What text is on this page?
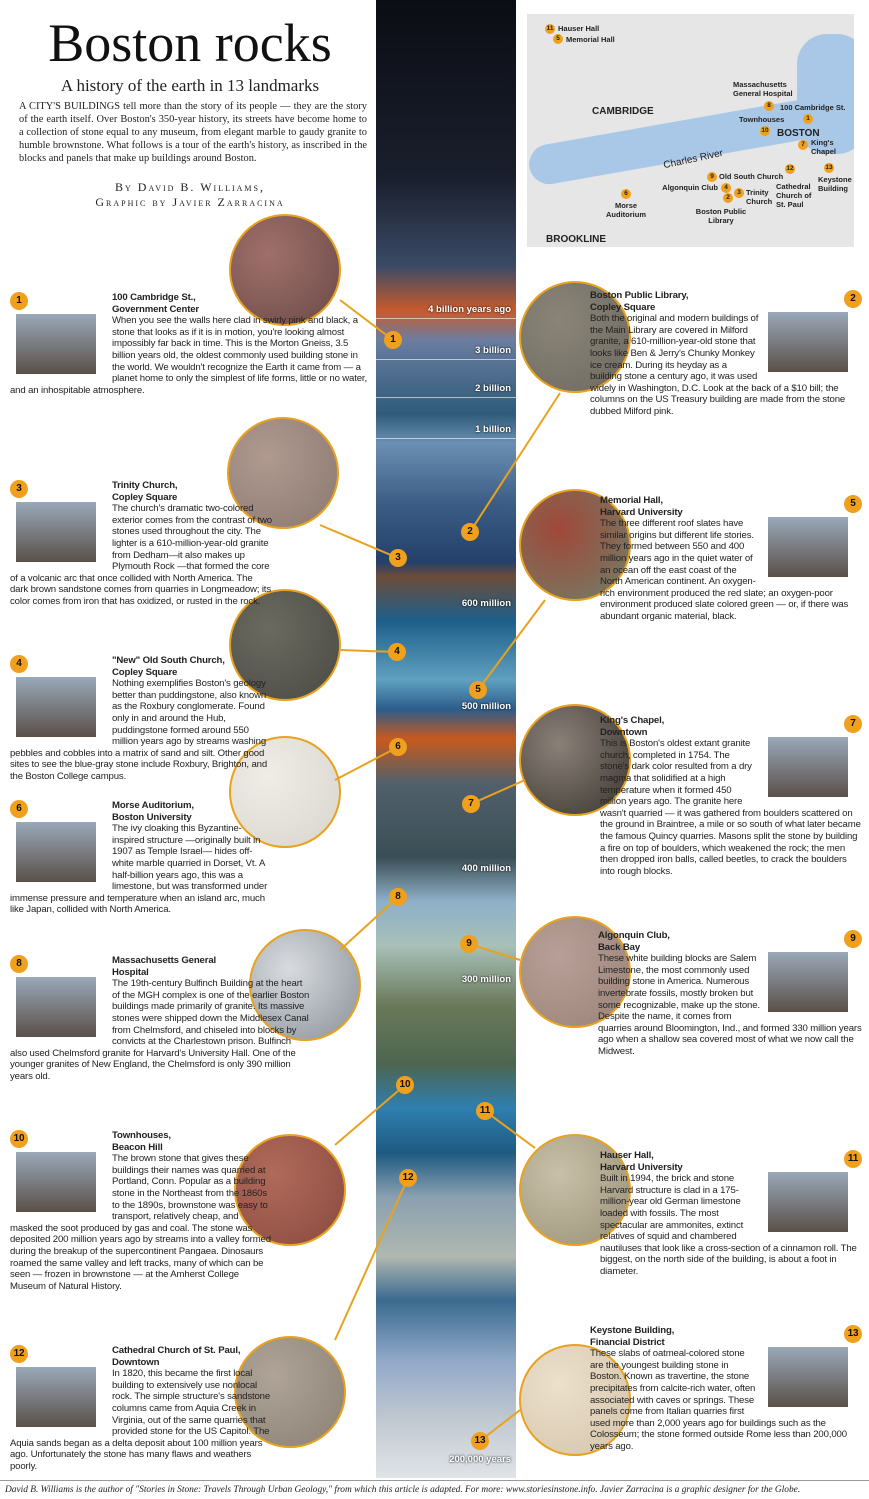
Boston rocks
A history of the earth in 13 landmarks
A CITY'S BUILDINGS tell more than the story of its people — they are the story of the earth itself. Over Boston's 350-year history, its streets have become home to a collection of stone equal to any museum, from elegant marble to gaudy granite to humble brownstone. What follows is a tour of the earth's history, as inscribed in the blocks and panels that make up buildings around Boston.
By David B. Williams,
Graphic by Javier Zarracina
4 billion years ago
3 billion
2 billion
1 billion
600 million
500 million
400 million
300 million
200,000 years
CAMBRIDGE
BOSTON
BROOKLINE
Charles River
11 Hauser Hall
5 Memorial Hall
8
Massachusetts General Hospital
1
100 Cambridge St.
10
Townhouses
7 King's Chapel
12
Cathedral Church of St. Paul
13
Keystone Building
9 Old South Church
4
Algonquin Club
3 Trinity Church
2
Boston Public Library
6
Morse Auditorium
1
2
3
4
5
6
7
8
9
10
11
12
13
1	100 Cambridge St.,
Government Center
When you see the walls here clad in swirly pink and black, a stone that looks as if it is in motion, you're looking almost impossibly far back in time. This is the Morton Gneiss, 3.5 billion years old, the oldest commonly used building stone in the world. We wouldn't recognize the Earth it came from — a planet home to only the simplest of life forms, little or no water, and an inhospitable atmosphere.
2
Boston Public Library,
Copley Square
Both the original and modern buildings of the Main Library are covered in Milford granite, a 610-million-year-old stone that looks like Ben & Jerry's Chunky Monkey ice cream. During its heyday as a building stone a century ago, it was used widely in Washington, D.C. Look at the back of a $10 bill; the columns on the US Treasury building are made from the stone dubbed Milford pink.
3	Trinity Church,
Copley Square
The church's dramatic two-colored exterior comes from the contrast of two stones used throughout the city. The lighter is a 610-million-year-old granite from Dedham—it also makes up Plymouth Rock —that formed the core of a volcanic arc that once collided with North America. The dark brown sandstone comes from quarries in Longmeadow; its color comes from iron that has oxidized, or rusted in the rock.
4	"New" Old South Church,
Copley Square
Nothing exemplifies Boston's geology better than puddingstone, also known as the Roxbury conglomerate. Found only in and around the Hub, puddingstone formed around 550 million years ago by streams washing pebbles and cobbles into a matrix of sand and silt. Other good sites to see the blue-gray stone include Roxbury, Brighton, and the Boston College campus.
5
Memorial Hall,
Harvard University
The three different roof slates have similar origins but different life stories. They formed between 550 and 400 million years ago in the quiet water of an ocean off the east coast of the North American continent. An oxygen-rich environment produced the red slate; an oxygen-poor environment produced slate colored green — or, if there was abundant organic material, black.
6	Morse Auditorium,
Boston University
The ivy cloaking this Byzantine-inspired structure —originally built in 1907 as Temple Israel— hides off-white marble quarried in Dorset, Vt. A half-billion years ago, this was a limestone, but was transformed under immense pressure and temperature when an island arc, much like Japan, collided with North America.
7
King's Chapel,
Downtown
This is Boston's oldest extant granite church, completed in 1754. The stone's dark color resulted from a dry magma that solidified at a high temperature when it formed 450 million years ago. The granite here wasn't quarried — it was gathered from boulders scattered on the ground in Braintree, a mile or so south of what later became the famous Quincy quarries. Masons split the stone by building a fire on top of boulders, which weakened the rock; the men then dropped iron balls, called beetles, to crack the boulders into rough blocks.
8	Massachusetts General
Hospital
The 19th-century Bulfinch Building at the heart of the MGH complex is one of the earlier Boston buildings made primarily of granite. Its massive stones were shipped down the Middlesex Canal from Chelmsford, and chiseled into blocks by convicts at the Charlestown prison. Bulfinch also used Chelmsford granite for Harvard's University Hall. One of the younger granites of New England, the Chelmsford is only 390 million years old.
9
Algonquin Club,
Back Bay
These white building blocks are Salem Limestone, the most commonly used building stone in America. Numerous invertebrate fossils, mostly broken but some recognizable, make up the stone. Despite the name, it comes from quarries around Bloomington, Ind., and formed 330 million years ago when a shallow sea covered most of what we now call the Midwest.
10	Townhouses,
Beacon Hill
The brown stone that gives these buildings their names was quarried at Portland, Conn. Popular as a building stone in the Northeast from the 1860s to the 1890s, brownstone was easy to transport, relatively cheap, and masked the soot produced by gas and coal. The stone was deposited 200 million years ago by streams into a valley formed during the breakup of the supercontinent Pangaea. Dinosaurs roamed the same valley and left tracks, many of which can be seen — frozen in brownstone — at the Amherst College Museum of Natural History.
11
Hauser Hall,
Harvard University
Built in 1994, the brick and stone Harvard structure is clad in a 175-million-year old German limestone loaded with fossils. The most spectacular are ammonites, extinct relatives of squid and chambered nautiluses that look like a cross-section of a cinnamon roll. The biggest, on the north side of the building, is about a foot in diameter.
12	Cathedral Church of St. Paul,
Downtown
In 1820, this became the first local building to extensively use nonlocal rock. The simple structure's sandstone columns came from Aquia Creek in Virginia, out of the same quarries that provided stone for the US Capitol. The Aquia sands began as a delta deposit about 100 million years ago. Unfortunately the stone has many flaws and weathers poorly.
13
Keystone Building,
Financial District
These slabs of oatmeal-colored stone are the youngest building stone in Boston. Known as travertine, the stone precipitates from calcite-rich water, often associated with caves or springs. These panels come from Italian quarries first used more than 2,000 years ago for buildings such as the Colosseum; the stone formed outside Rome less than 200,000 years ago.
David B. Williams is the author of "Stories in Stone: Travels Through Urban Geology," from which this article is adapted. For more: www.storiesinstone.info. Javier Zarracina is a graphic designer for the Globe.
